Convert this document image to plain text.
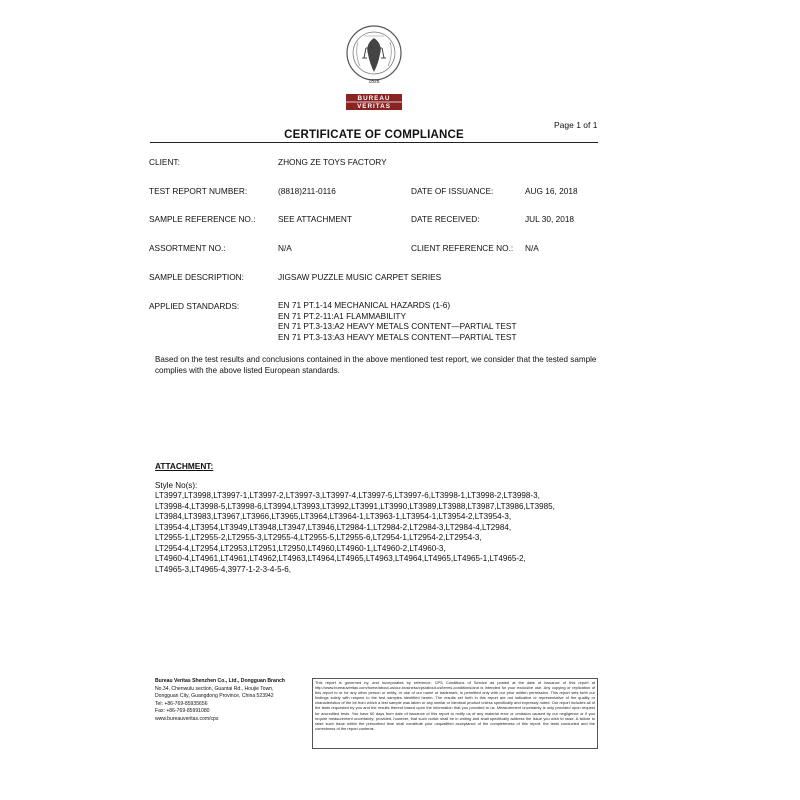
1828
BUREAU
VERITAS
Page 1 of 1
CERTIFICATE OF COMPLIANCE
CLIENT:	ZHONG ZE TOYS FACTORY
TEST REPORT NUMBER:	(8818)211-0116	DATE OF ISSUANCE:	AUG 16, 2018
SAMPLE REFERENCE NO.:	SEE ATTACHMENT	DATE RECEIVED:	JUL 30, 2018
ASSORTMENT NO.:	N/A	CLIENT REFERENCE NO.: N/A
SAMPLE DESCRIPTION:	JIGSAW PUZZLE MUSIC CARPET SERIES
APPLIED STANDARDS:	EN 71 PT.1-14 MECHANICAL HAZARDS (1-6)
EN 71 PT.2-11:A1 FLAMMABILITY
EN 71 PT.3-13:A2 HEAVY METALS CONTENT—PARTIAL TEST
EN 71 PT.3-13:A3 HEAVY METALS CONTENT—PARTIAL TEST
Based on the test results and conclusions contained in the above mentioned test report, we consider that the tested sample complies with the above listed European standards.
ATTACHMENT:
Style No(s):
LT3997,LT3998,LT3997-1,LT3997-2,LT3997-3,LT3997-4,LT3997-5,LT3997-6,LT3998-1,LT3998-2,LT3998-3,
LT3998-4,LT3998-5,LT3998-6,LT3994,LT3993,LT3992,LT3991,LT3990,LT3989,LT3988,LT3987,LT3986,LT3985,
LT3984,LT3983,LT3967,LT3966,LT3965,LT3964,LT3964-1,LT3963-1,LT3954-1,LT3954-2,LT3954-3,
LT3954-4,LT3954,LT3949,LT3948,LT3947,LT3946,LT2984-1,LT2984-2,LT2984-3,LT2984-4,LT2984,
LT2955-1,LT2955-2,LT2955-3,LT2955-4,LT2955-5,LT2955-6,LT2954-1,LT2954-2,LT2954-3,
LT2954-4,LT2954,LT2953,LT2951,LT2950,LT4960,LT4960-1,LT4960-2,LT4960-3,
LT4960-4,LT4961,LT4961,LT4962,LT4963,LT4964,LT4965,LT4963,LT4964,LT4965,LT4965-1,LT4965-2,
LT4965-3,LT4965-4,3977-1-2-3-4-5-6,
Bureau Veritas Shenzhen Co., Ltd., Dongguan Branch
No.34, Chenwulu section, Guantai Rd., Houjie Town,
Dongguan City, Guangdong Province, China 523942
Tel: +86-769-85935656
Fax: +86-769-85991080
www.bureauveritas.com/cps
This report is governed by, and incorporates by reference, CPS Conditions of Service as posted at the date of issuance of this report at http://www.bureauveritas.com/home/about-us/our-business/cps/about-us/terms-conditions/and is intended for your exclusive use. Any copying or replication of this report to or for any other person or entity, or use of our name or trademark, is permitted only with our prior written permission. This report sets forth our findings solely with respect to the test samples identified herein. The results set forth in this report are not indicative or representative of the quality or characteristics of the lot from which a test sample was taken or any similar or identical product unless specifically and expressly noted. Our report includes all of the tests requested by you and the results thereof based upon the information that you provided to us. Measurement uncertainty is only provided upon request for accredited tests. You have 60 days from date of issuance of this report to notify us of any material error or omission caused by our negligence or if you require measurement uncertainty; provided, however, that such notice shall be in writing and shall specifically address the issue you wish to raise. A failure to raise such issue within the prescribed time shall constitute your unqualified acceptance of the completeness of this report, the tests conducted and the correctness of the report contents.
